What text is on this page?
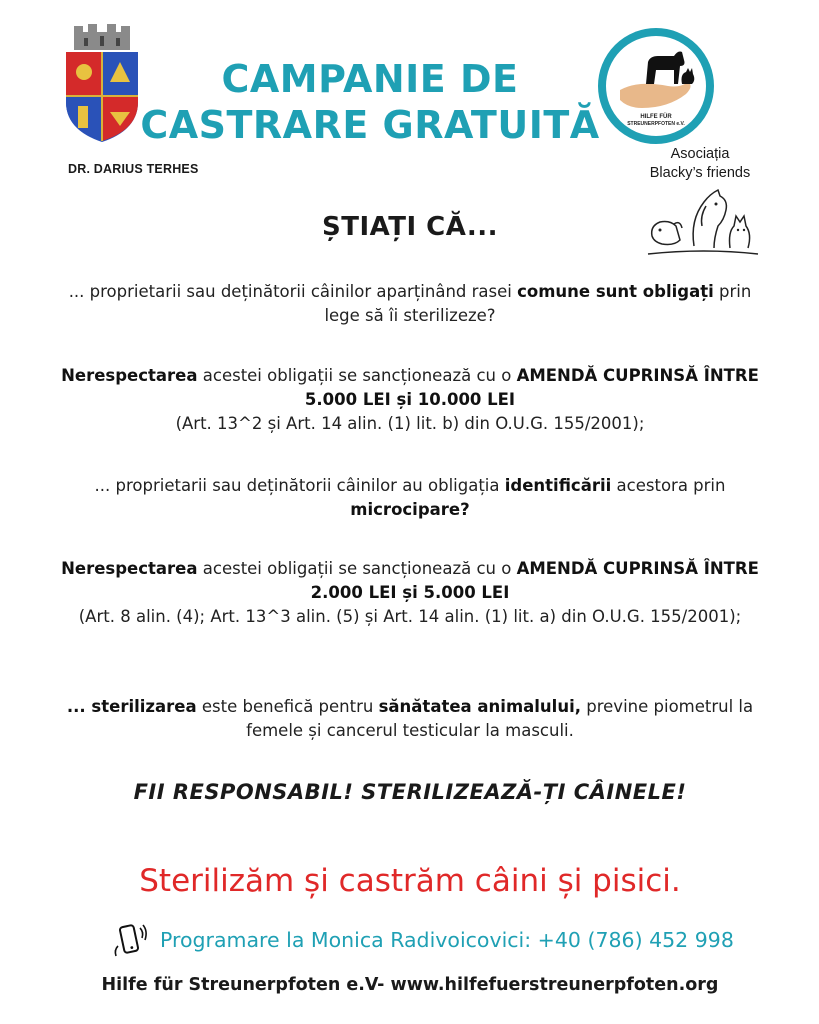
CAMPANIE DE
CASTRARE GRATUITĂ
DR. DARIUS TERHES
HILFE FÜR
STREUNERPFOTEN e.V.
Asociația
Blacky’s friends
ȘTIAȚI CĂ...
... proprietarii sau deținătorii câinilor aparținând rasei comune sunt obligați prin lege să îi sterilizeze?
Nerespectarea acestei obligații se sancționează cu o AMENDĂ CUPRINSĂ ÎNTRE 5.000 LEI și 10.000 LEI
(Art. 13^2 și Art. 14 alin. (1) lit. b) din O.U.G. 155/2001);
... proprietarii sau deținătorii câinilor au obligația identificării acestora prin microcipare?
Nerespectarea acestei obligații se sancționează cu o AMENDĂ CUPRINSĂ ÎNTRE 2.000 LEI și 5.000 LEI
(Art. 8 alin. (4); Art. 13^3 alin. (5) și Art. 14 alin. (1) lit. a) din O.U.G. 155/2001);
... sterilizarea este benefică pentru sănătatea animalului, previne piometrul la femele și cancerul testicular la masculi.
FII RESPONSABIL! STERILIZEAZĂ-ȚI CÂINELE!
Sterilizăm și castrăm câini și pisici.
Programare la Monica Radivoicovici: +40 (786) 452 998
Hilfe für Streunerpfoten e.V- www.hilfefuerstreunerpfoten.org
